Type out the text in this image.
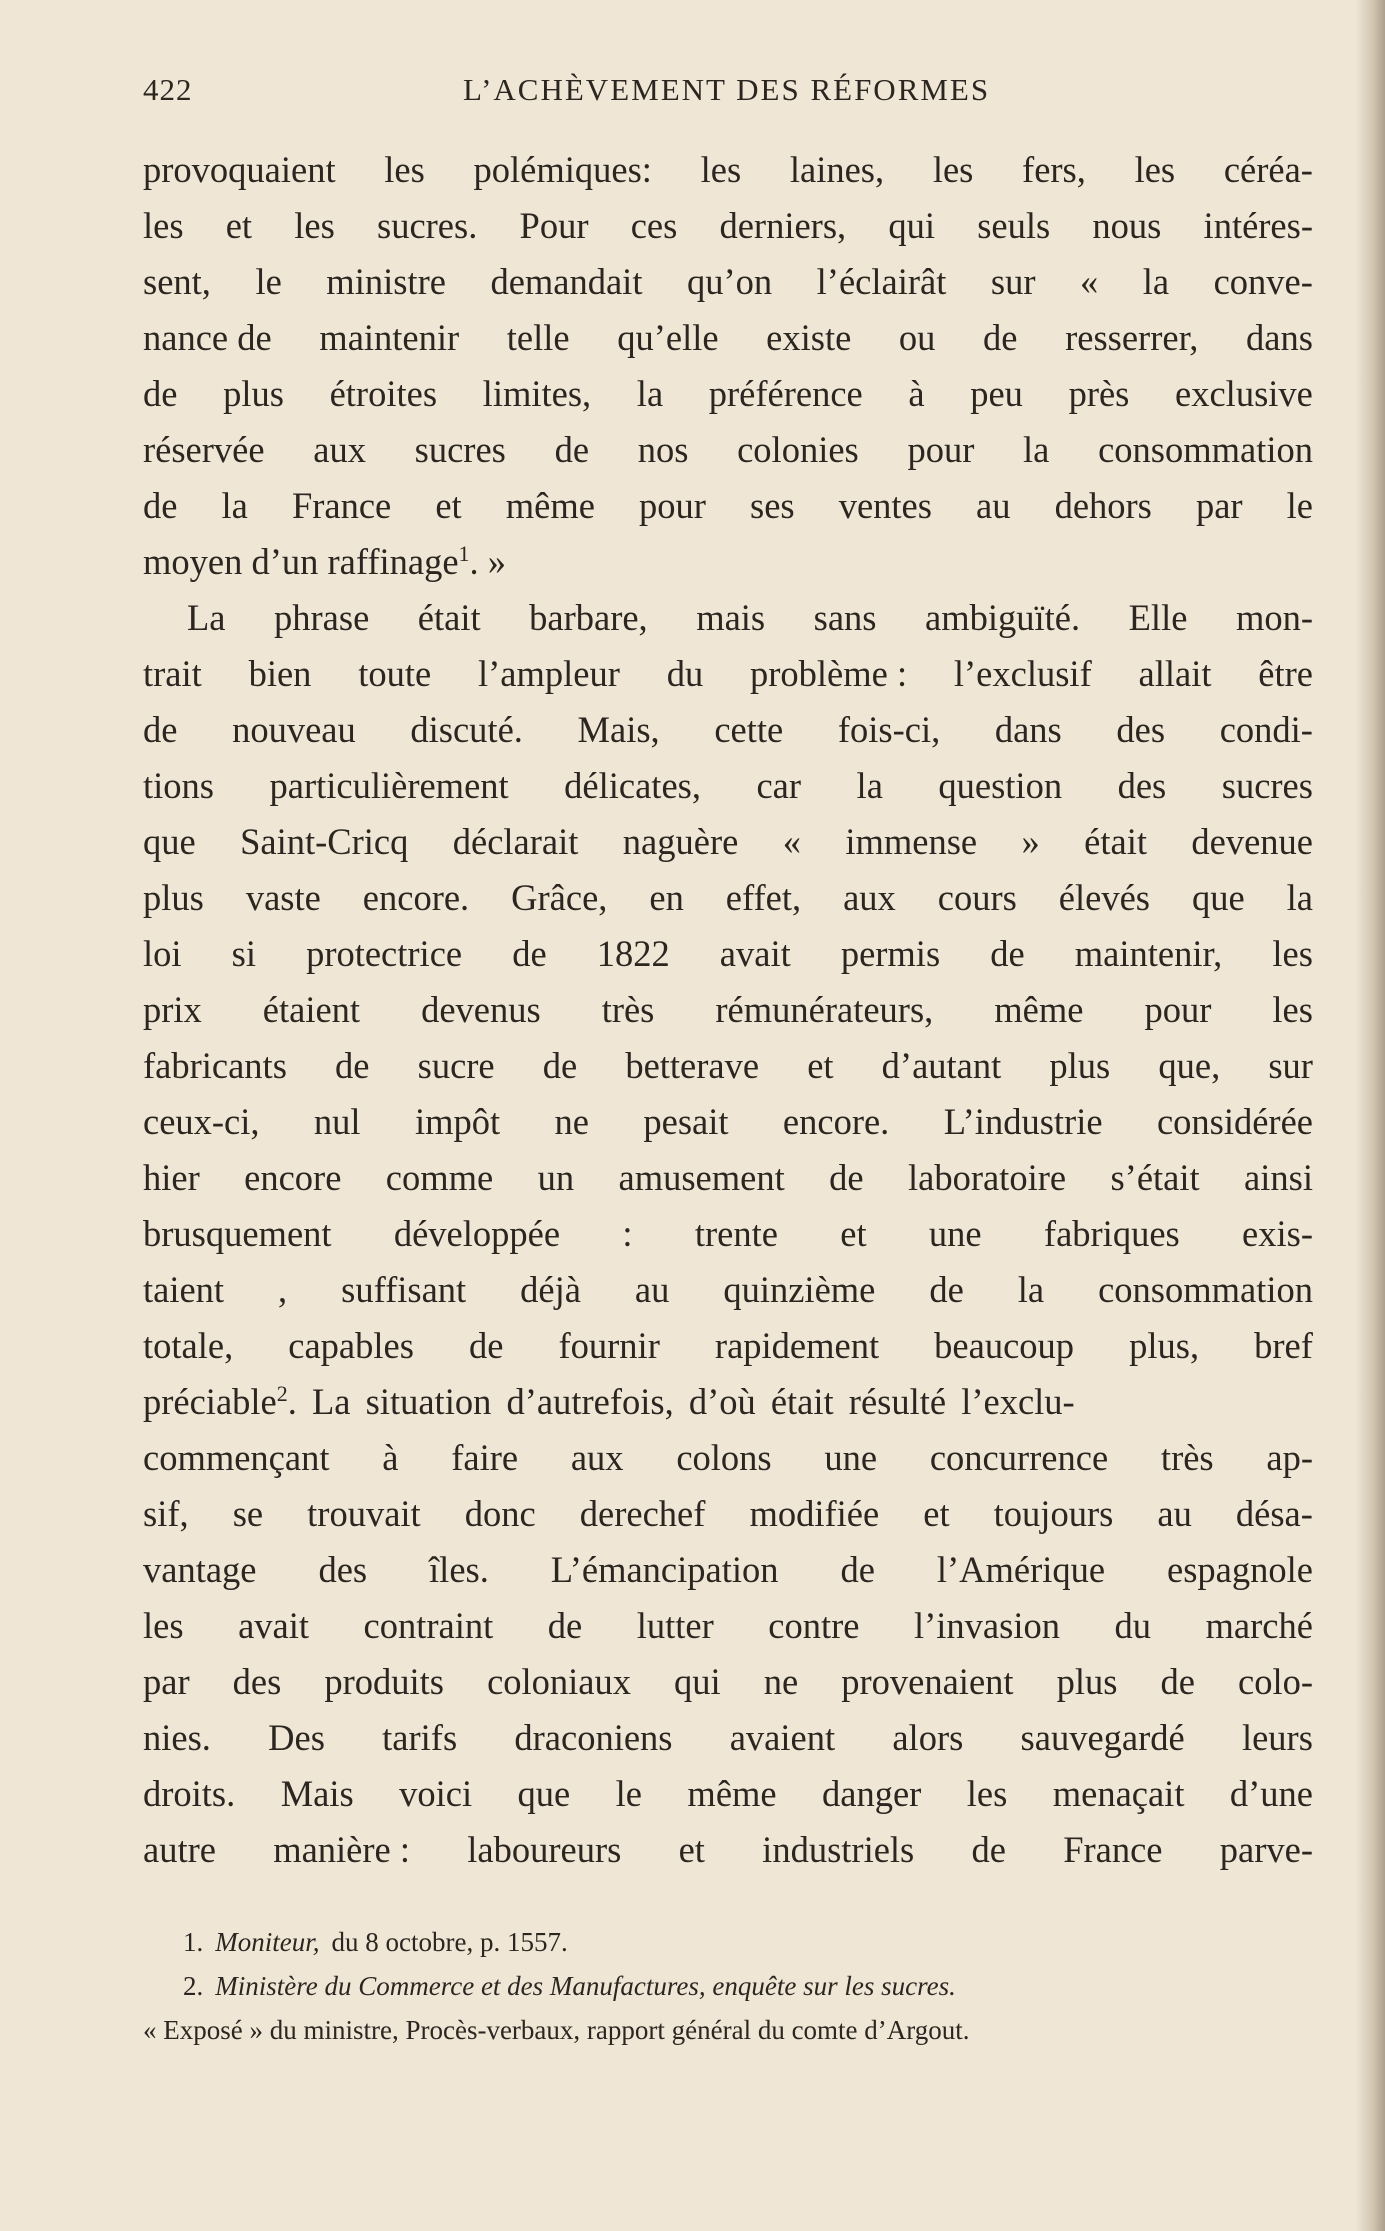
422	L’ACHÈVEMENT DES RÉFORMES
provoquaient les polémiques: les laines, les fers, les céréa-
les et les sucres. Pour ces derniers, qui seuls nous intéres-
sent, le ministre demandait qu’on l’éclairât sur « la conve-
nance de maintenir telle qu’elle existe ou de resserrer, dans
de plus étroites limites, la préférence à peu près exclusive
réservée aux sucres de nos colonies pour la consommation
de la France et même pour ses ventes au dehors par le
moyen d’un raffinage$^1$. »
La phrase était barbare, mais sans ambiguïté. Elle mon-
trait bien toute l’ampleur du problème : l’exclusif allait être
de nouveau discuté. Mais, cette fois-ci, dans des condi-
tions particulièrement délicates, car la question des sucres
que Saint-Cricq déclarait naguère « immense » était devenue
plus vaste encore. Grâce, en effet, aux cours élevés que la
loi si protectrice de 1822 avait permis de maintenir, les
prix étaient devenus très rémunérateurs, même pour les
fabricants de sucre de betterave et d’autant plus que, sur
ceux-ci, nul impôt ne pesait encore. L’industrie considérée
hier encore comme un amusement de laboratoire s’était ainsi
brusquement développée : trente et une fabriques exis-
taient , suffisant déjà au quinzième de la consommation
totale, capables de fournir rapidement beaucoup plus, bref
préciable$^2$. La situation d’autrefois, d’où était résulté l’exclu-
commençant à faire aux colons une concurrence très ap-
sif, se trouvait donc derechef modifiée et toujours au désa-
vantage des îles. L’émancipation de l’Amérique espagnole
les avait contraint de lutter contre l’invasion du marché
par des produits coloniaux qui ne provenaient plus de colo-
nies. Des tarifs draconiens avaient alors sauvegardé leurs
droits. Mais voici que le même danger les menaçait d’une
autre manière : laboureurs et industriels de France parve-
1. Moniteur, du 8 octobre, p. 1557.
2. Ministère du Commerce et des Manufactures, enquête sur les sucres.
« Exposé » du ministre, Procès-verbaux, rapport général du comte d’Argout.
